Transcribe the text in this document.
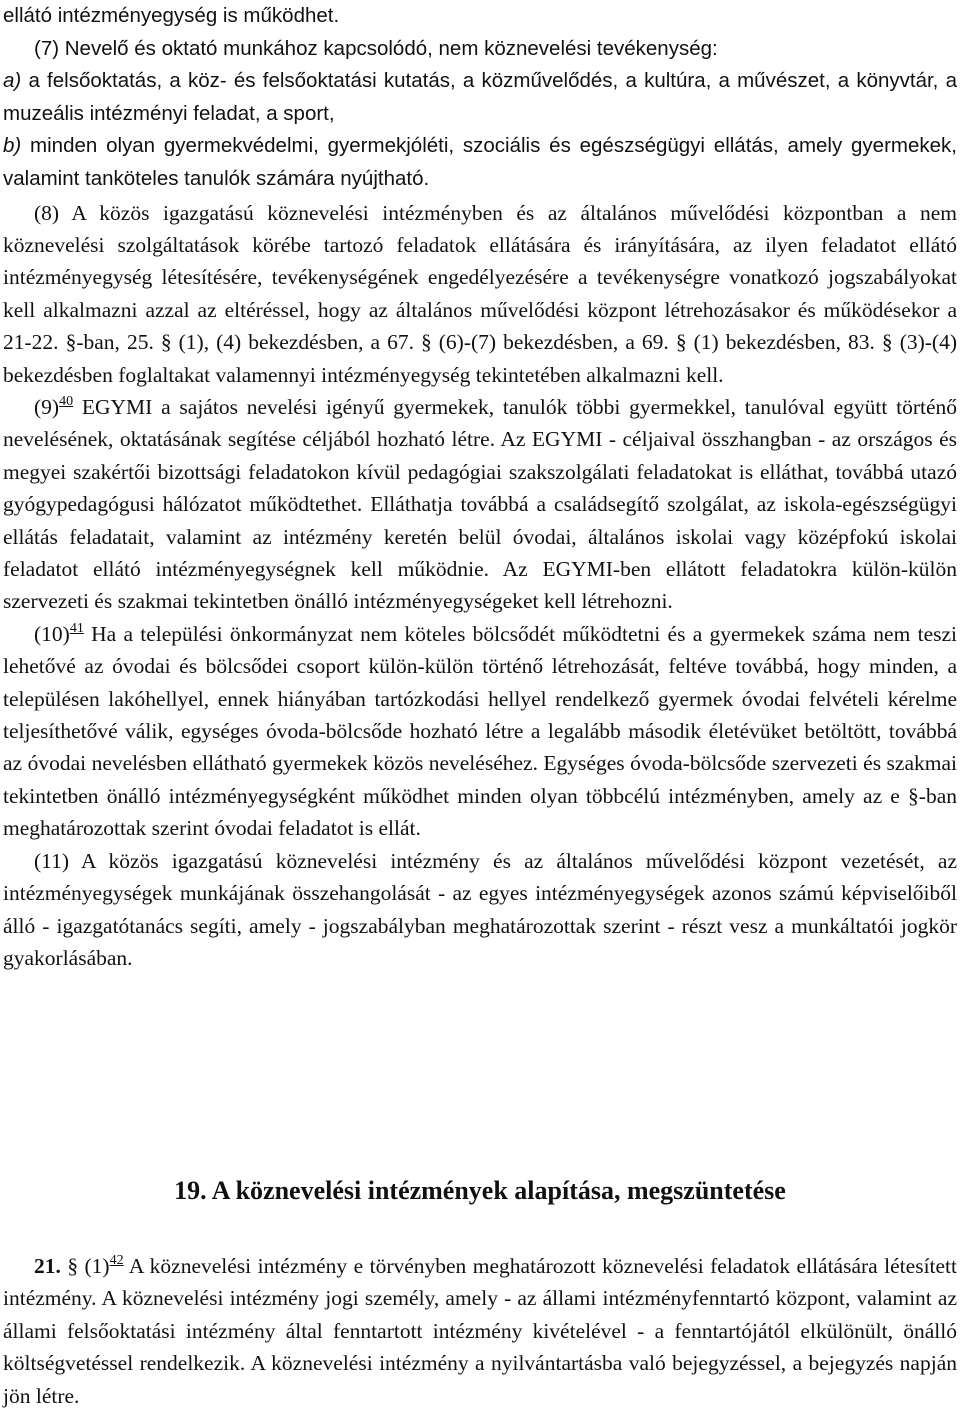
ellátó intézményegység is működhet.

(7) Nevelő és oktató munkához kapcsolódó, nem köznevelési tevékenység:

a) a felsőoktatás, a köz- és felsőoktatási kutatás, a közművelődés, a kultúra, a művészet, a könyvtár, a muzeális intézményi feladat, a sport,

b) minden olyan gyermekvédelmi, gyermekjóléti, szociális és egészségügyi ellátás, amely gyermekek, valamint tanköteles tanulók számára nyújtható.

(8) A közös igazgatású köznevelési intézményben és az általános művelődési központban a nem köznevelési szolgáltatások körébe tartozó feladatok ellátására és irányítására, az ilyen feladatot ellátó intézményegység létesítésére, tevékenységének engedélyezésére a tevékenységre vonatkozó jogszabályokat kell alkalmazni azzal az eltéréssel, hogy az általános művelődési központ létrehozásakor és működésekor a 21-22. §-ban, 25. § (1), (4) bekezdésben, a 67. § (6)-(7) bekezdésben, a 69. § (1) bekezdésben, 83. § (3)-(4) bekezdésben foglaltakat valamennyi intézményegység tekintetében alkalmazni kell.

(9)$^{40}$ EGYMI a sajátos nevelési igényű gyermekek, tanulók többi gyermekkel, tanulóval együtt történő nevelésének, oktatásának segítése céljából hozható létre. Az EGYMI - céljaival összhangban - az országos és megyei szakértői bizottsági feladatokon kívül pedagógiai szakszolgálati feladatokat is elláthat, továbbá utazó gyógypedagógusi hálózatot működtethet. Elláthatja továbbá a családsegítő szolgálat, az iskola-egészségügyi ellátás feladatait, valamint az intézmény keretén belül óvodai, általános iskolai vagy középfokú iskolai feladatot ellátó intézményegységnek kell működnie. Az EGYMI-ben ellátott feladatokra külön-külön szervezeti és szakmai tekintetben önálló intézményegységeket kell létrehozni.

(10)$^{41}$ Ha a települési önkormányzat nem köteles bölcsődét működtetni és a gyermekek száma nem teszi lehetővé az óvodai és bölcsődei csoport külön-külön történő létrehozását, feltéve továbbá, hogy minden, a településen lakóhellyel, ennek hiányában tartózkodási hellyel rendelkező gyermek óvodai felvételi kérelme teljesíthetővé válik, egységes óvoda-bölcsőde hozható létre a legalább második életévüket betöltött, továbbá az óvodai nevelésben ellátható gyermekek közös neveléséhez. Egységes óvoda-bölcsőde szervezeti és szakmai tekintetben önálló intézményegységként működhet minden olyan többcélú intézményben, amely az e §-ban meghatározottak szerint óvodai feladatot is ellát.

(11) A közös igazgatású köznevelési intézmény és az általános művelődési központ vezetését, az intézményegységek munkájának összehangolását - az egyes intézményegységek azonos számú képviselőiből álló - igazgatótanács segíti, amely - jogszabályban meghatározottak szerint - részt vesz a munkáltatói jogkör gyakorlásában.

19. A köznevelési intézmények alapítása, megszüntetése

21. § (1)$^{42}$ A köznevelési intézmény e törvényben meghatározott köznevelési feladatok ellátására létesített intézmény. A köznevelési intézmény jogi személy, amely - az állami intézményfenntartó központ, valamint az állami felsőoktatási intézmény által fenntartott intézmény kivételével - a fenntartójától elkülönült, önálló költségvetéssel rendelkezik. A köznevelési intézmény a nyilvántartásba való bejegyzéssel, a bejegyzés napján jön létre.
